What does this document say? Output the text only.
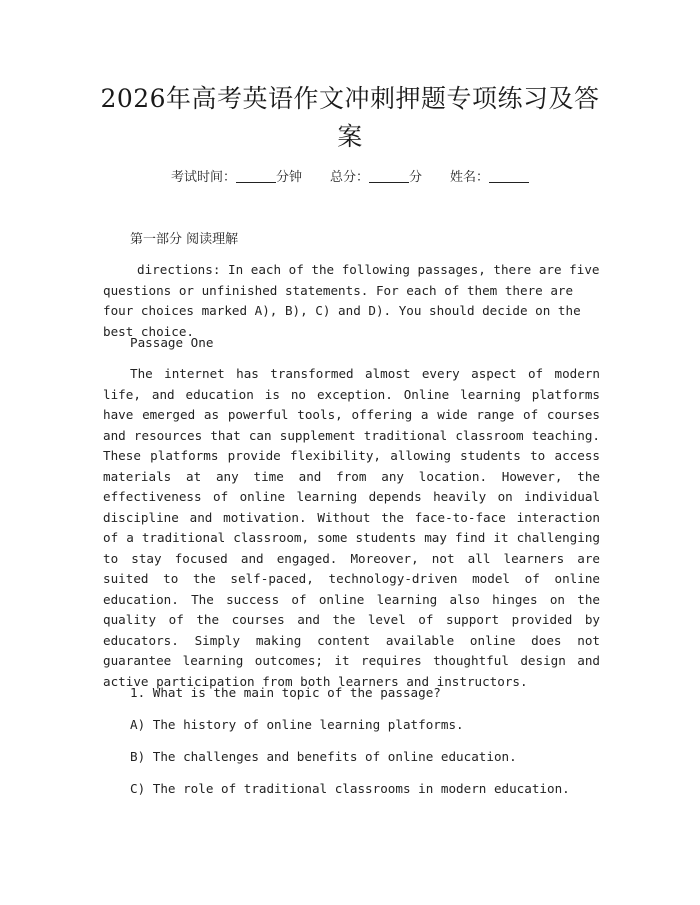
2026年高考英语作文冲刺押题专项练习及答
案
考试时间：	分钟 总分：	分 姓名：
第一部分 阅读理解
directions: In each of the following passages, there are five questions or unfinished statements. For each of them there are four choices marked A), B), C) and D). You should decide on the best choice.
Passage One

The internet has transformed almost every aspect of modern life, and education is no exception. Online learning platforms have emerged as powerful tools, offering a wide range of courses and resources that can supplement traditional classroom teaching. These platforms provide flexibility, allowing students to access materials at any time and from any location. However, the effectiveness of online learning depends heavily on individual discipline and motivation. Without the face-to-face interaction of a traditional classroom, some students may find it challenging to stay focused and engaged. Moreover, not all learners are suited to the self-paced, technology-driven model of online education. The success of online learning also hinges on the quality of the courses and the level of support provided by educators. Simply making content available online does not guarantee learning outcomes; it requires thoughtful design and active participation from both learners and instructors.

1. What is the main topic of the passage?
A) The history of online learning platforms.
B) The challenges and benefits of online education.
C) The role of traditional classrooms in modern education.
